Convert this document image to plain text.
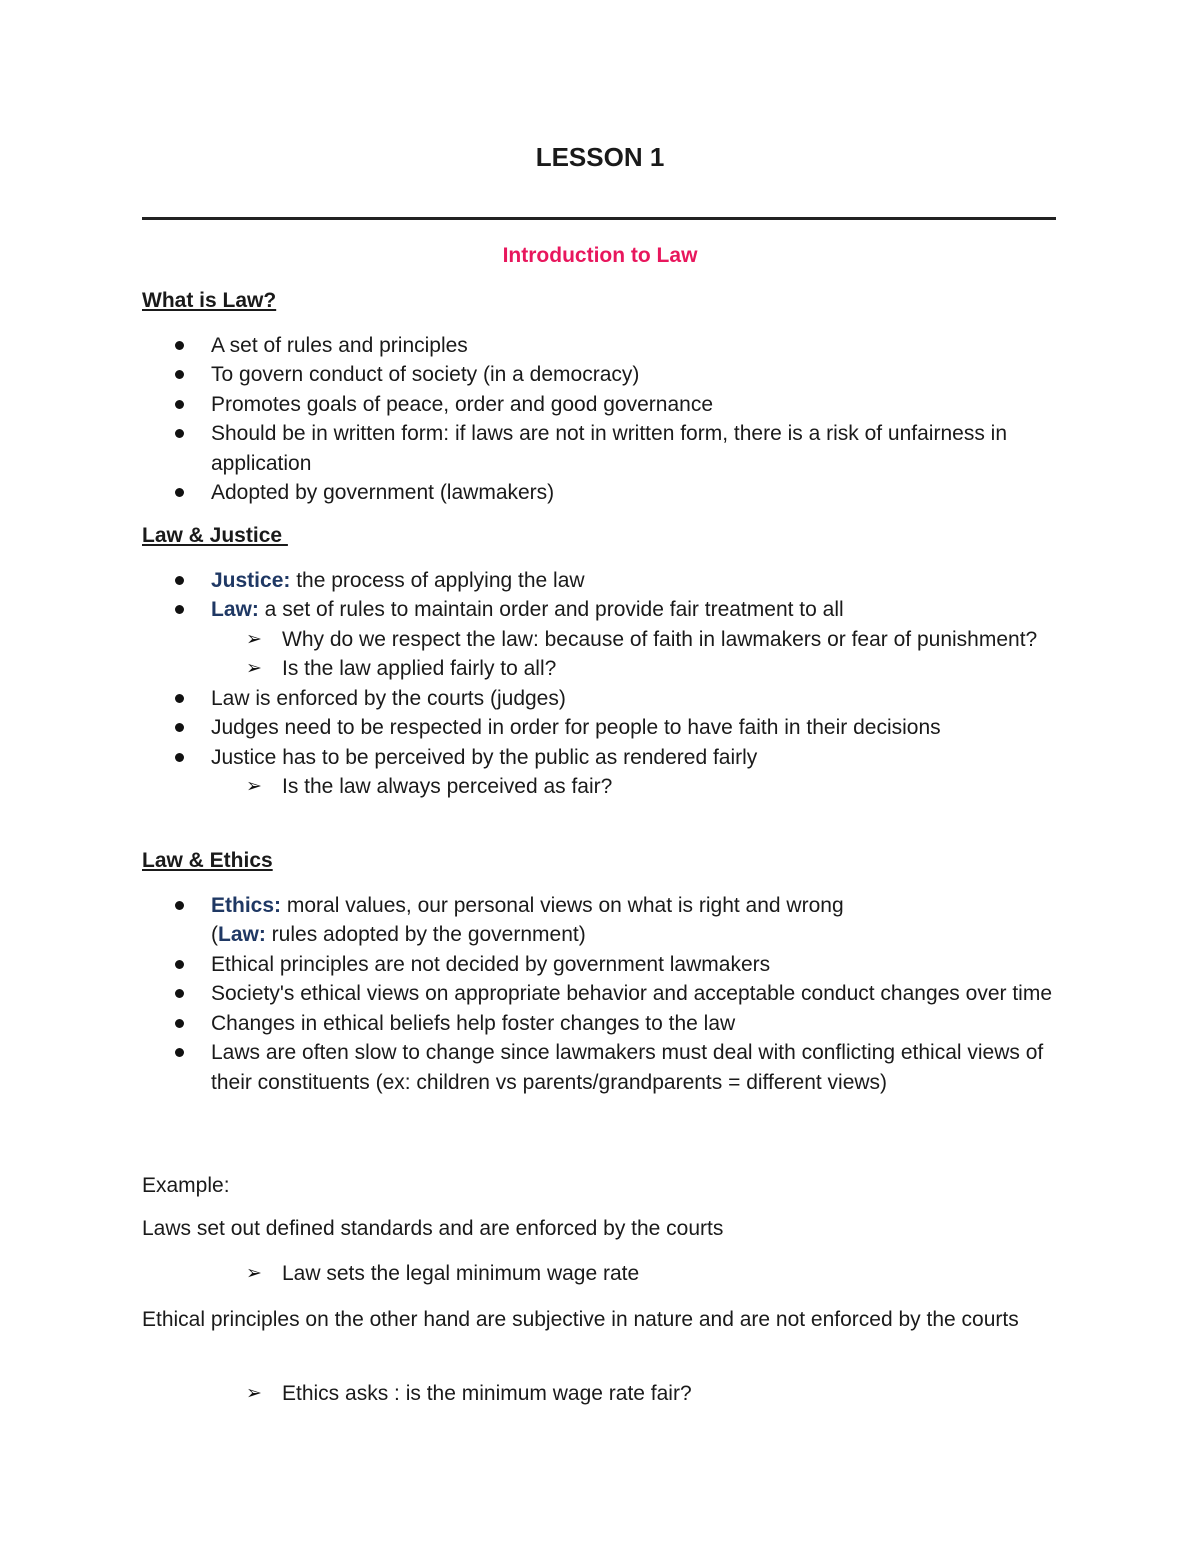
LESSON 1
Introduction to Law

What is Law?

A set of rules and principles
To govern conduct of society (in a democracy)
Promotes goals of peace, order and good governance
Should be in written form: if laws are not in written form, there is a risk of unfairness in application
Adopted by government (lawmakers)

Law & Justice

Justice: the process of applying the law
Law: a set of rules to maintain order and provide fair treatment to all
➢ Why do we respect the law: because of faith in lawmakers or fear of punishment?
➢ Is the law applied fairly to all?
Law is enforced by the courts (judges)
Judges need to be respected in order for people to have faith in their decisions
Justice has to be perceived by the public as rendered fairly
➢ Is the law always perceived as fair?

Law & Ethics

Ethics: moral values, our personal views on what is right and wrong
(Law: rules adopted by the government)
Ethical principles are not decided by government lawmakers
Society's ethical views on appropriate behavior and acceptable conduct changes over time
Changes in ethical beliefs help foster changes to the law
Laws are often slow to change since lawmakers must deal with conflicting ethical views of their constituents (ex: children vs parents/grandparents = different views)
Example:
Laws set out defined standards and are enforced by the courts
➢ Law sets the legal minimum wage rate
Ethical principles on the other hand are subjective in nature and are not enforced by the courts
➢ Ethics asks : is the minimum wage rate fair?
